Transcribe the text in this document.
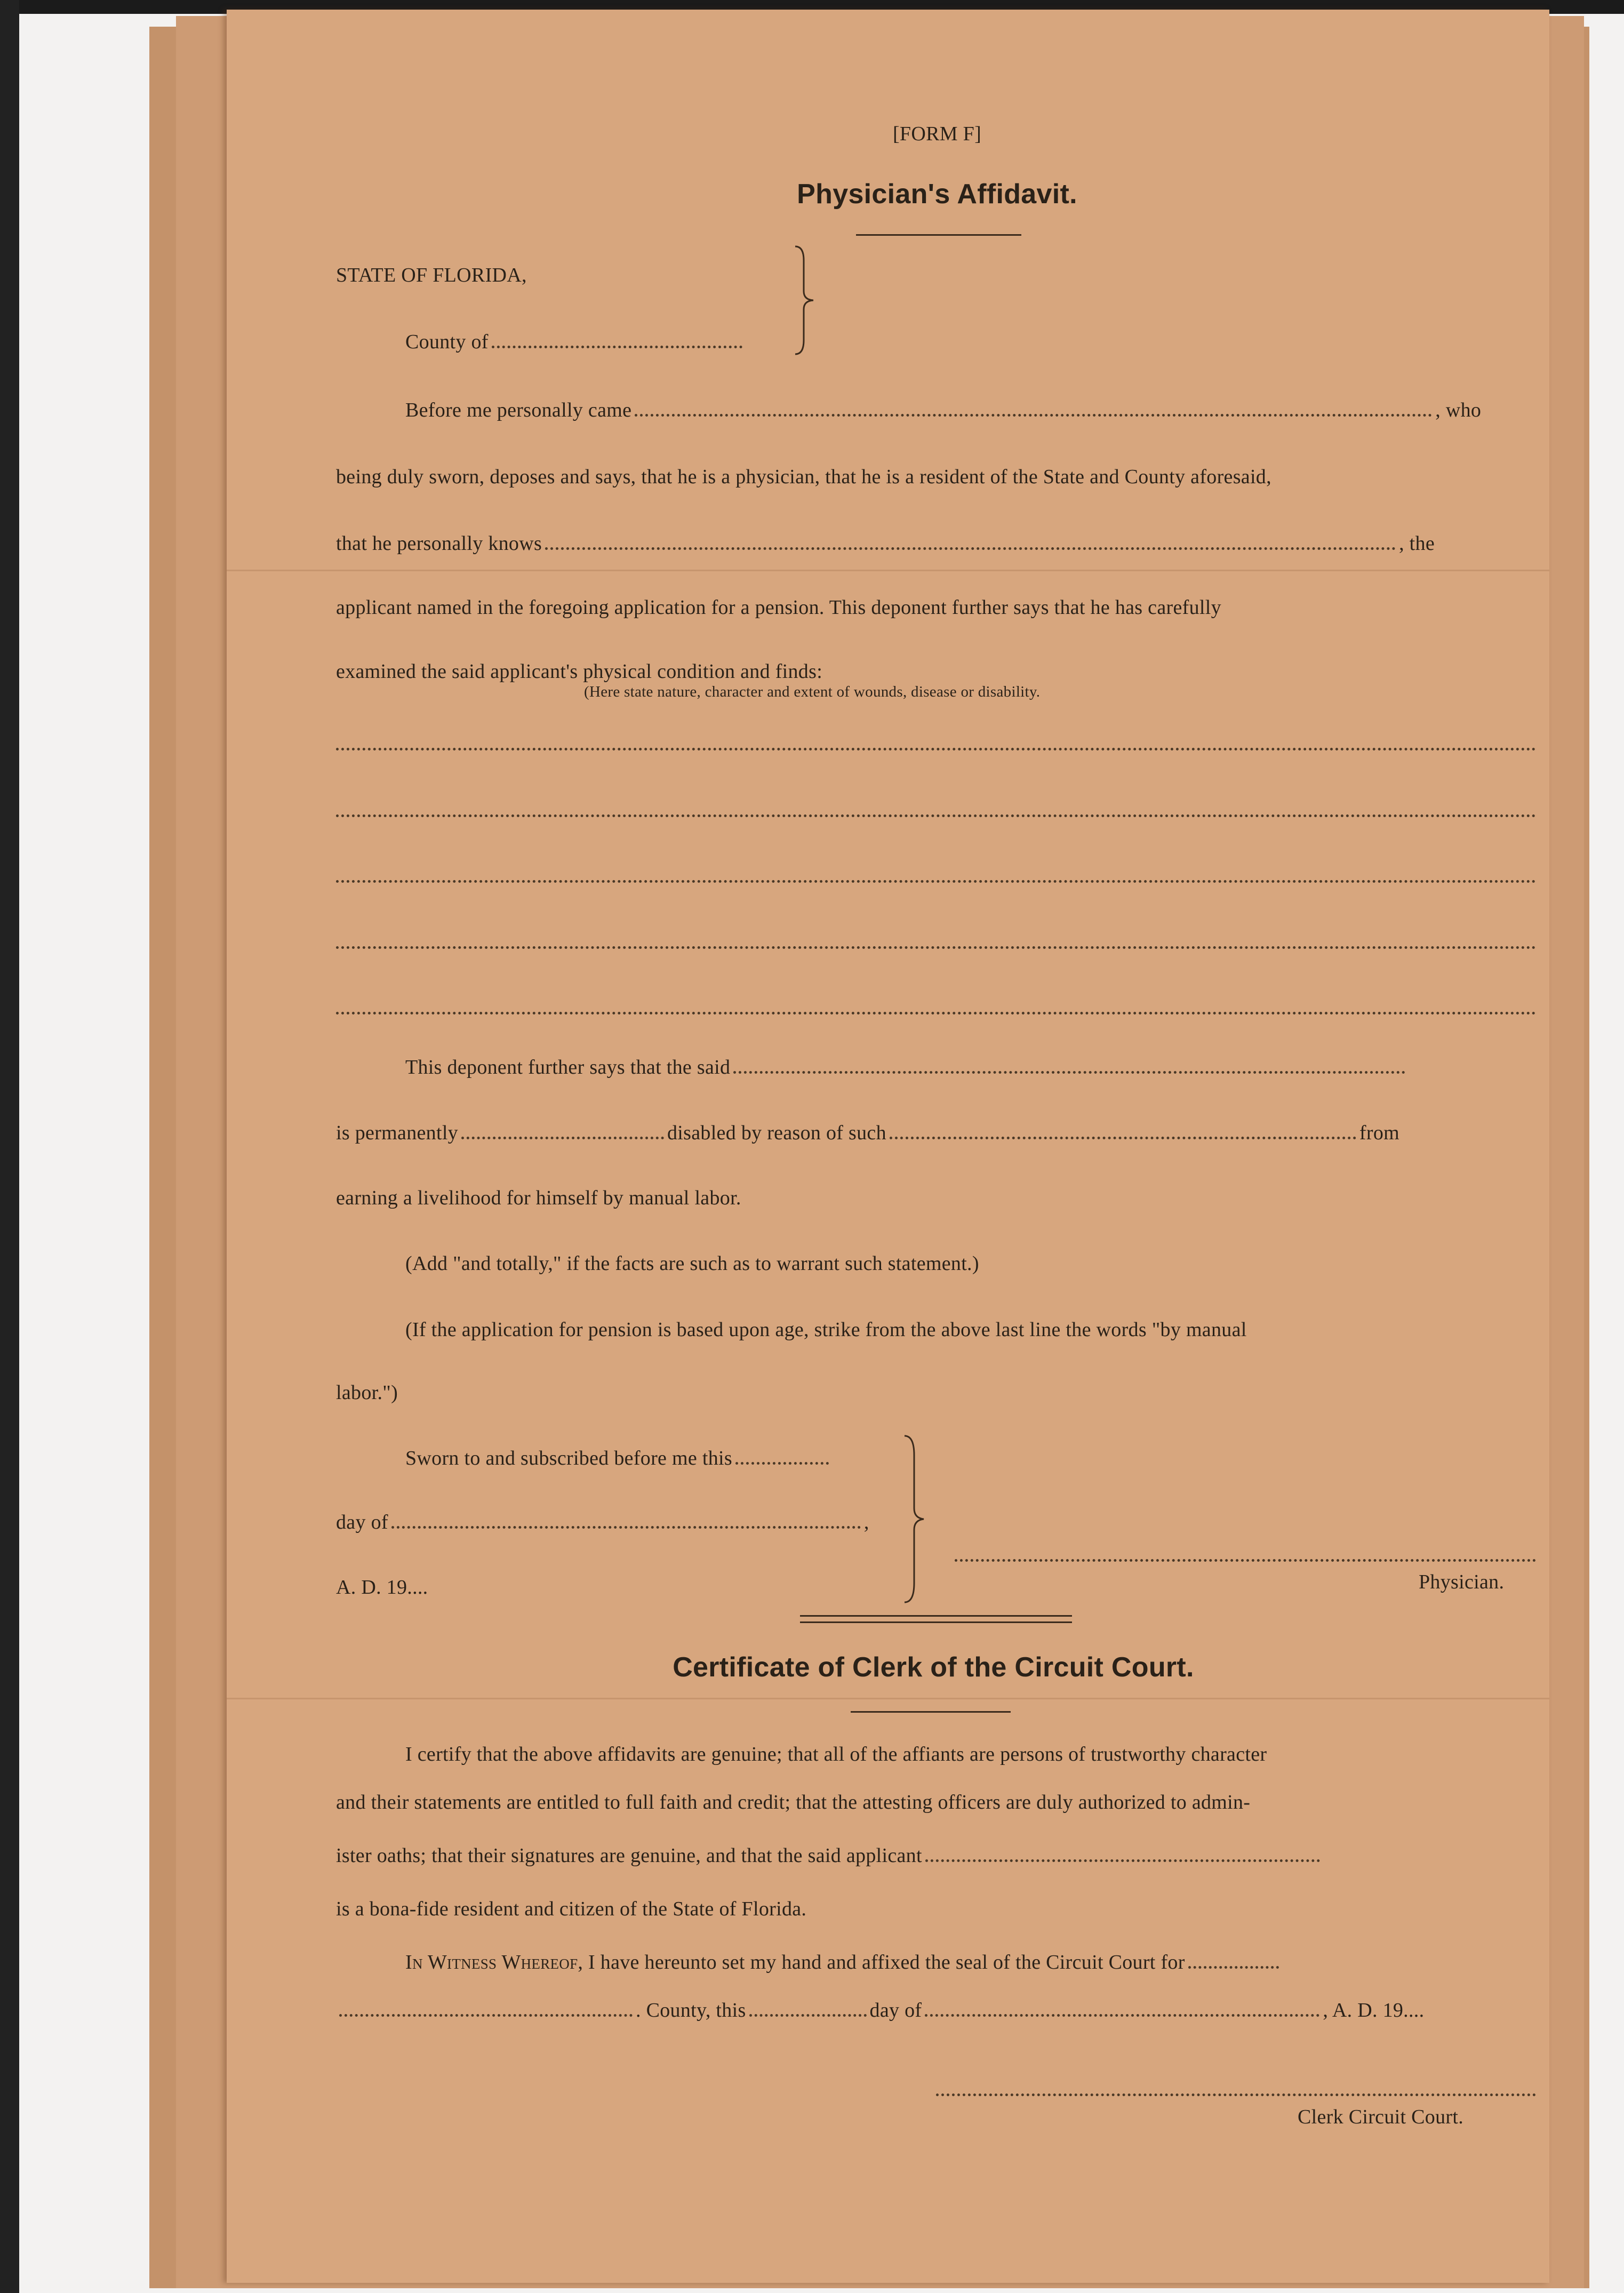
[FORM F]
Physician's Affidavit.
STATE OF FLORIDA,
County of
Before me personally came	, who
being duly sworn, deposes and says, that he is a physician, that he is a resident of the State and County aforesaid,
that he personally knows	, the
applicant named in the foregoing application for a pension. This deponent further says that he has carefully
examined the said applicant's physical condition and finds:
(Here state nature, character and extent of wounds, disease or disability.
This deponent further says that the said
is permanently	disabled by reason of such	from
earning a livelihood for himself by manual labor.
(Add "and totally," if the facts are such as to warrant such statement.)
(If the application for pension is based upon age, strike from the above last line the words "by manual
labor.")
Sworn to and subscribed before me this
day of	,
A. D. 19....	Physician.
Certificate of Clerk of the Circuit Court.
I certify that the above affidavits are genuine; that all of the affiants are persons of trustworthy character
and their statements are entitled to full faith and credit; that the attesting officers are duly authorized to admin-
ister oaths; that their signatures are genuine, and that the said applicant
is a bona-fide resident and citizen of the State of Florida.
In Witness Whereof, I have hereunto set my hand and affixed the seal of the Circuit Court for
. County, this	day of	, A. D. 19....
Clerk Circuit Court.
